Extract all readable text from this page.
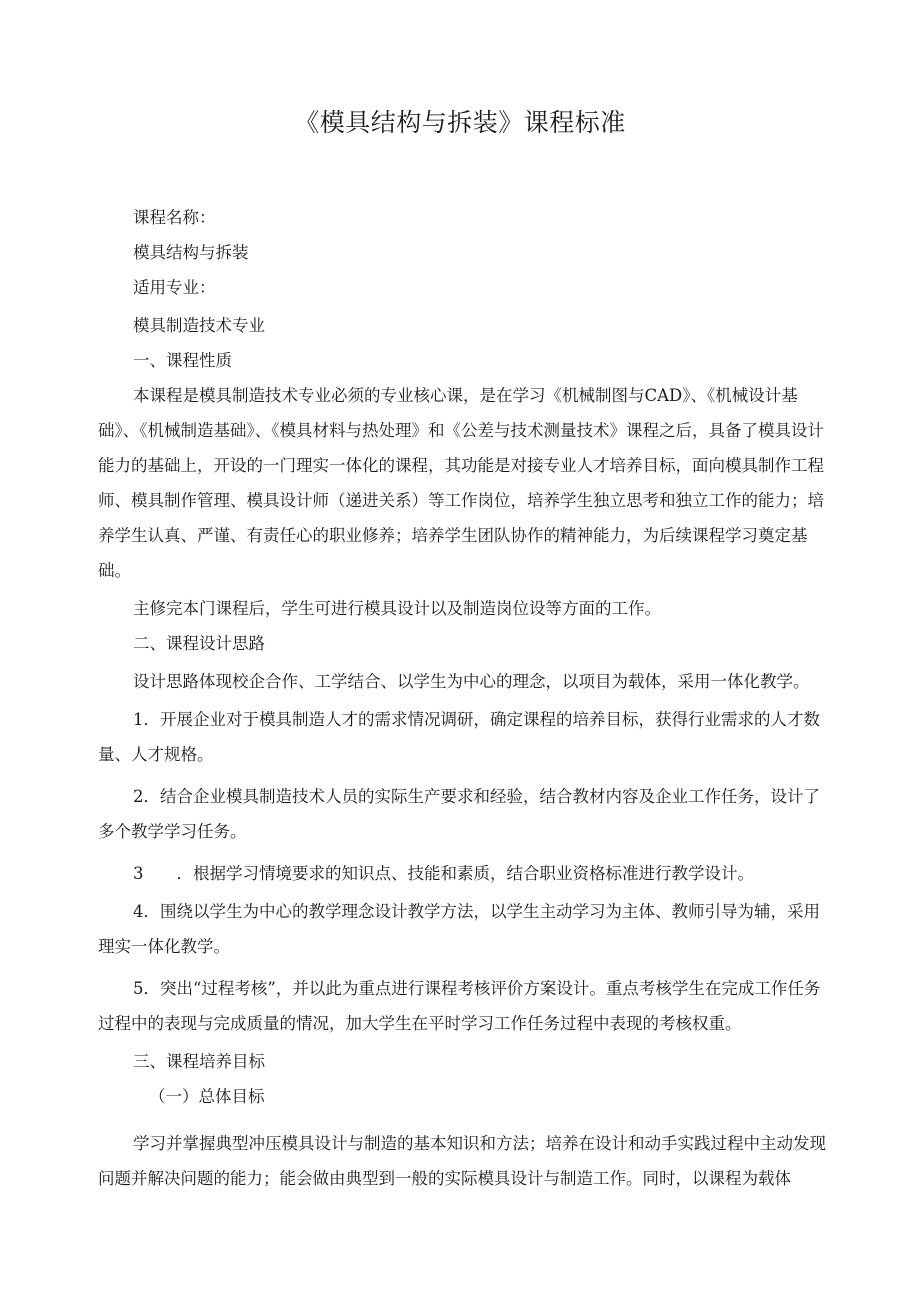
《模具结构与拆装》课程标准

课程名称：

模具结构与拆装

适用专业：

模具制造技术专业

一、课程性质

本课程是模具制造技术专业必须的专业核心课，是在学习《机械制图与CAD》、《机械设计基础》、《机械制造基础》、《模具材料与热处理》和《公差与技术测量技术》课程之后，具备了模具设计能力的基础上，开设的一门理实一体化的课程，其功能是对接专业人才培养目标，面向模具制作工程师、模具制作管理、模具设计师（递进关系）等工作岗位，培养学生独立思考和独立工作的能力；培养学生认真、严谨、有责任心的职业修养；培养学生团队协作的精神能力，为后续课程学习奠定基础。

主修完本门课程后，学生可进行模具设计以及制造岗位设等方面的工作。

二、课程设计思路

设计思路体现校企合作、工学结合、以学生为中心的理念，以项目为载体，采用一体化教学。

1．开展企业对于模具制造人才的需求情况调研，确定课程的培养目标，获得行业需求的人才数量、人才规格。

2．结合企业模具制造技术人员的实际生产要求和经验，结合教材内容及企业工作任务，设计了多个教学学习任务。

3　　．根据学习情境要求的知识点、技能和素质，结合职业资格标准进行教学设计。

4．围绕以学生为中心的教学理念设计教学方法，以学生主动学习为主体、教师引导为辅，采用理实一体化教学。

5．突出“过程考核”，并以此为重点进行课程考核评价方案设计。重点考核学生在完成工作任务过程中的表现与完成质量的情况，加大学生在平时学习工作任务过程中表现的考核权重。

三、课程培养目标

（一）总体目标

学习并掌握典型冲压模具设计与制造的基本知识和方法；培养在设计和动手实践过程中主动发现问题并解决问题的能力；能会做由典型到一般的实际模具设计与制造工作。同时，以课程为载体
